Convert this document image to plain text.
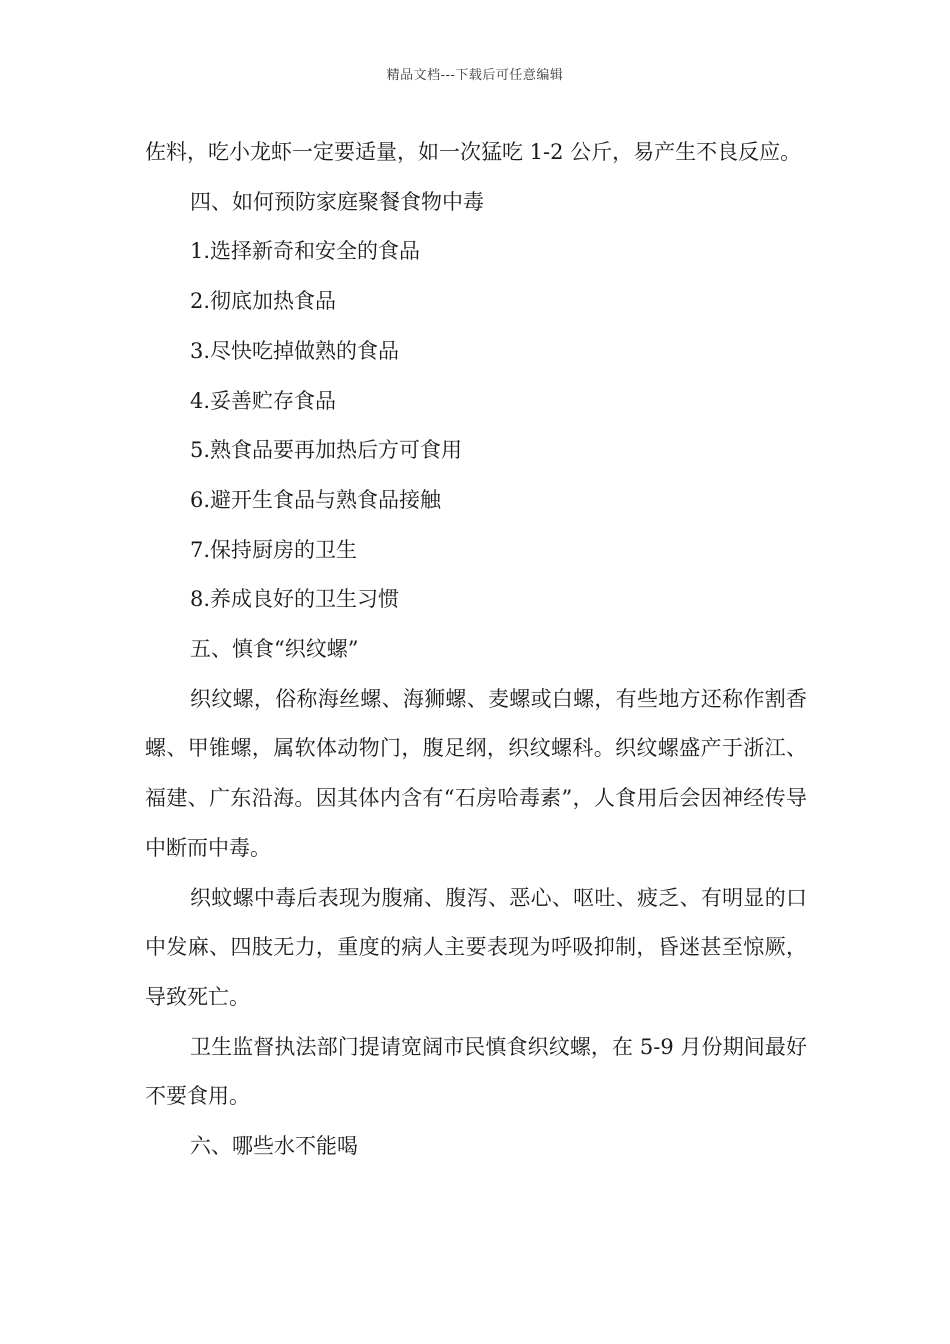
精品文档---下载后可任意编辑

佐料，吃小龙虾一定要适量，如一次猛吃 1-2 公斤，易产生不良反应。

四、如何预防家庭聚餐食物中毒

1.选择新奇和安全的食品

2.彻底加热食品

3.尽快吃掉做熟的食品

4.妥善贮存食品

5.熟食品要再加热后方可食用

6.避开生食品与熟食品接触

7.保持厨房的卫生

8.养成良好的卫生习惯

五、慎食“织纹螺”

织纹螺，俗称海丝螺、海狮螺、麦螺或白螺，有些地方还称作割香螺、甲锥螺，属软体动物门，腹足纲，织纹螺科。织纹螺盛产于浙江、福建、广东沿海。因其体内含有“石房哈毒素”，人食用后会因神经传导中断而中毒。

织蚊螺中毒后表现为腹痛、腹泻、恶心、呕吐、疲乏、有明显的口中发麻、四肢无力，重度的病人主要表现为呼吸抑制，昏迷甚至惊厥，导致死亡。

卫生监督执法部门提请宽阔市民慎食织纹螺，在 5-9 月份期间最好不要食用。

六、哪些水不能喝
